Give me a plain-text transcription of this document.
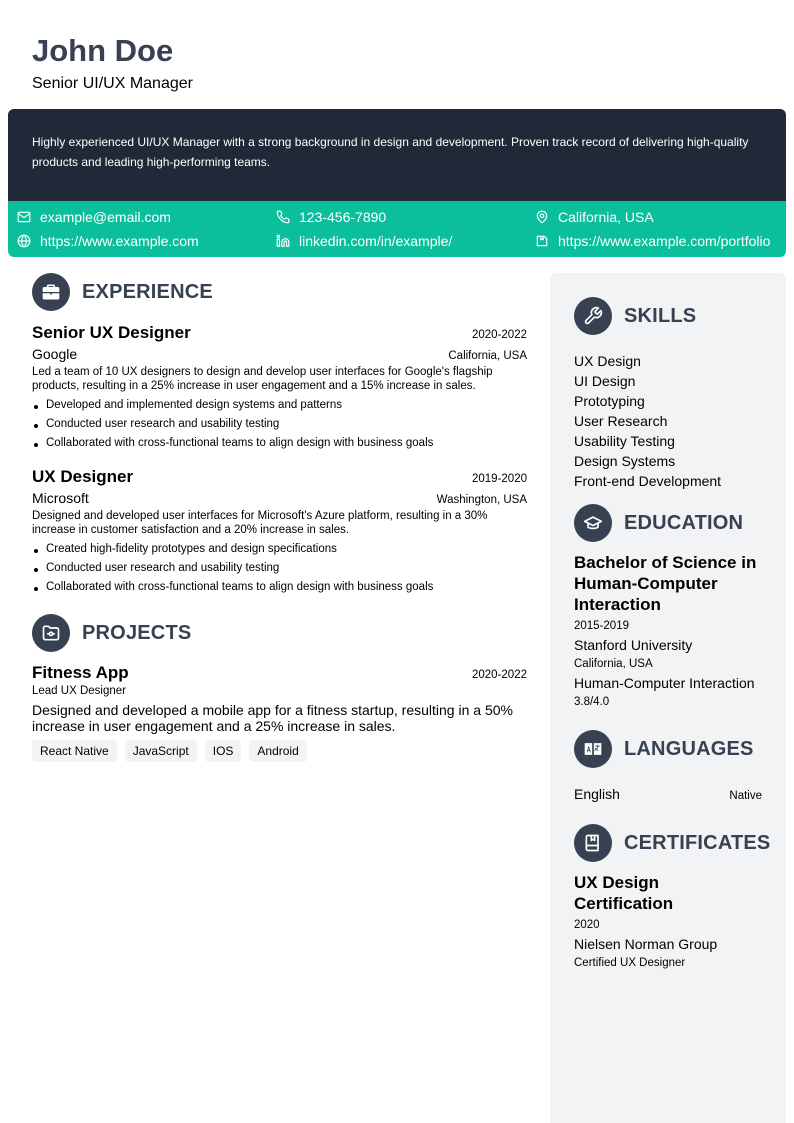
John Doe
Senior UI/UX Manager

Highly experienced UI/UX Manager with a strong background in design and development. Proven track record of delivering high-quality products and leading high-performing teams.

example@email.com	123-456-7890	California, USA
https://www.example.com	linkedin.com/in/example/	https://www.example.com/portfolio
EXPERIENCE
Senior UX Designer	2020-2022
Google	California, USA
Led a team of 10 UX designers to design and develop user interfaces for Google's flagship products, resulting in a 25% increase in user engagement and a 15% increase in sales.
Developed and implemented design systems and patterns
Conducted user research and usability testing
Collaborated with cross-functional teams to align design with business goals
UX Designer	2019-2020
Microsoft	Washington, USA
Designed and developed user interfaces for Microsoft's Azure platform, resulting in a 30% increase in customer satisfaction and a 20% increase in sales.
Created high-fidelity prototypes and design specifications
Conducted user research and usability testing
Collaborated with cross-functional teams to align design with business goals
PROJECTS
Fitness App	2020-2022
Lead UX Designer
Designed and developed a mobile app for a fitness startup, resulting in a 50% increase in user engagement and a 25% increase in sales.
React Native	JavaScript	IOS	Android
SKILLS
UX Design
UI Design
Prototyping
User Research
Usability Testing
Design Systems
Front-end Development
EDUCATION
Bachelor of Science in Human-Computer Interaction
2015-2019
Stanford University
California, USA
Human-Computer Interaction
3.8/4.0
LANGUAGES
English	Native
CERTIFICATES
UX Design Certification
2020
Nielsen Norman Group
Certified UX Designer
